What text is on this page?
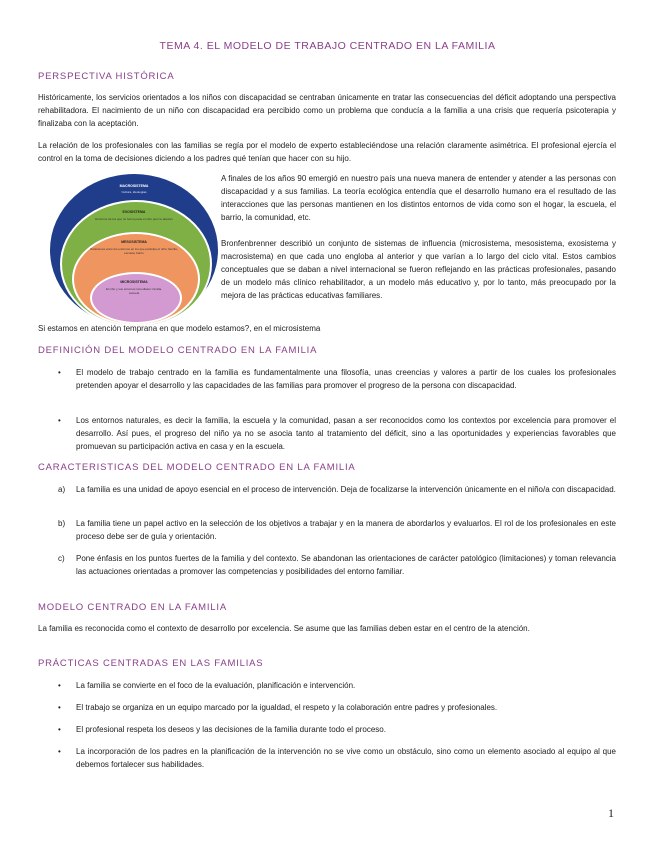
TEMA 4. EL MODELO DE TRABAJO CENTRADO EN LA FAMILIA
PERSPECTIVA HISTÓRICA
Históricamente, los servicios orientados a los niños con discapacidad se centraban únicamente en tratar las consecuencias del déficit adoptando una perspectiva rehabilitadora. El nacimiento de un niño con discapacidad era percibido como un problema que conducía a la familia a una crisis que requería psicoterapia y finalizaba con la aceptación.
La relación de los profesionales con las familias se regía por el modelo de experto estableciéndose una relación claramente asimétrica. El profesional ejercía el control en la toma de decisiones diciendo a los padres qué tenían que hacer con su hijo.
MACROSISTEMA
Cultura, ideologías
EXOSISTEMA
Entornos de los que no forma parte el niño pero le afectan
MESOSISTEMA
Relaciones entre los entornos en los que participa el niño: familia, escuela, barrio
MICROSISTEMA
El niño y sus entornos inmediatos: familia, escuela
A finales de los años 90 emergió en nuestro país una nueva manera de entender y atender a las personas con discapacidad y a sus familias. La teoría ecológica entendía que el desarrollo humano era el resultado de las interacciones que las personas mantienen en los distintos entornos de vida como son el hogar, la escuela, el barrio, la comunidad, etc.
Bronfenbrenner describió un conjunto de sistemas de influencia (microsistema, mesosistema, exosistema y macrosistema) en que cada uno engloba al anterior y que varían a lo largo del ciclo vital. Estos cambios conceptuales que se daban a nivel internacional se fueron reflejando en las prácticas profesionales, pasando de un modelo más clínico rehabilitador, a un modelo más educativo y, por lo tanto, más preocupado por la mejora de las prácticas educativas familiares.
Si estamos en atención temprana en que modelo estamos?, en el microsistema
DEFINICIÓN DEL MODELO CENTRADO EN LA FAMILIA
• El modelo de trabajo centrado en la familia es fundamentalmente una filosofía, unas creencias y valores a partir de los cuales los profesionales pretenden apoyar el desarrollo y las capacidades de las familias para promover el progreso de la persona con discapacidad.
• Los entornos naturales, es decir la familia, la escuela y la comunidad, pasan a ser reconocidos como los contextos por excelencia para promover el desarrollo. Así pues, el progreso del niño ya no se asocia tanto al tratamiento del déficit, sino a las oportunidades y experiencias favorables que promuevan su participación activa en casa y en la escuela.
CARACTERISTICAS DEL MODELO CENTRADO EN LA FAMILIA
a) La familia es una unidad de apoyo esencial en el proceso de intervención. Deja de focalizarse la intervención únicamente en el niño/a con discapacidad.
b) La familia tiene un papel activo en la selección de los objetivos a trabajar y en la manera de abordarlos y evaluarlos. El rol de los profesionales en este proceso debe ser de guía y orientación.
c) Pone énfasis en los puntos fuertes de la familia y del contexto. Se abandonan las orientaciones de carácter patológico (limitaciones) y toman relevancia las actuaciones orientadas a promover las competencias y posibilidades del entorno familiar.
MODELO CENTRADO EN LA FAMILIA
La familia es reconocida como el contexto de desarrollo por excelencia. Se asume que las familias deben estar en el centro de la atención.
PRÁCTICAS CENTRADAS EN LAS FAMILIAS
• La familia se convierte en el foco de la evaluación, planificación e intervención.
• El trabajo se organiza en un equipo marcado por la igualdad, el respeto y la colaboración entre padres y profesionales.
• El profesional respeta los deseos y las decisiones de la familia durante todo el proceso.
• La incorporación de los padres en la planificación de la intervención no se vive como un obstáculo, sino como un elemento asociado al equipo al que debemos fortalecer sus habilidades.
1
